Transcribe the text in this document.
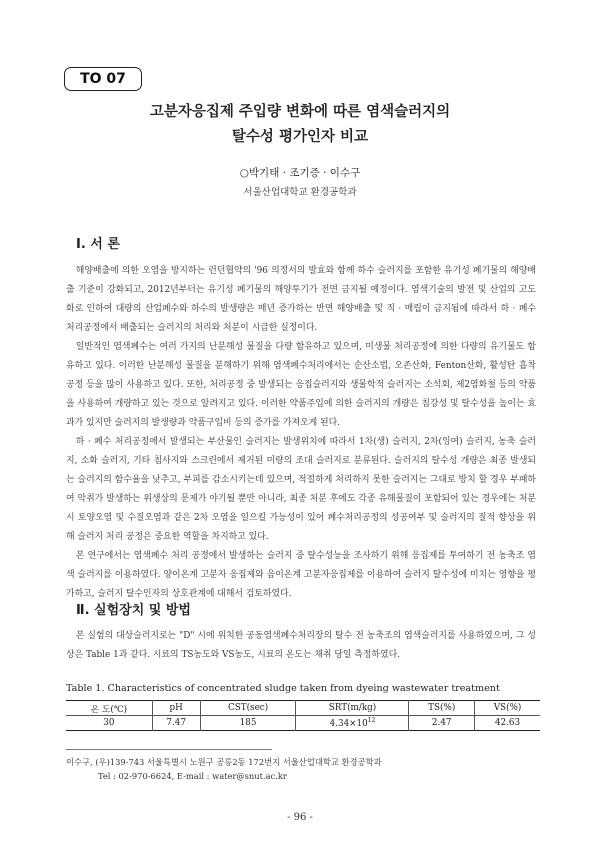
TO 07
고분자응집제 주입량 변화에 따른 염색슬러지의
탈수성 평가인자 비교
○박기태 · 조기증 · 이수구
서울산업대학교 환경공학과
Ⅰ. 서 론

해양배출에 의한 오염을 방지하는 런던협약의 '96 의정서의 발효와 함께 하수 슬러지를 포함한 유기성 폐기물의 해양배출 기준이 강화되고, 2012년부터는 유기성 폐기물의 해양투기가 전면 금지될 예정이다. 염색기술의 발전 및 산업의 고도화로 인하여 대량의 산업폐수와 하수의 발생량은 매년 증가하는 반면 해양배출 및 직 · 매립이 금지됨에 따라서 하 · 폐수 처리공정에서 배출되는 슬러지의 처리와 처분이 시급한 실정이다.

일반적인 염색폐수는 여러 가지의 난분해성 물질을 다량 함유하고 있으며, 미생물 처리공정에 의한 다량의 유기물도 함유하고 있다. 이러한 난분해성 물질을 분해하기 위해 염색폐수처리에서는 순산소법, 오존산화, Fenton산화, 활성탄 흡착 공정 등을 많이 사용하고 있다. 또한, 처리공정 중 발생되는 응집슬러지와 생물학적 슬러지는 소석회, 제2염화철 등의 약품을 사용하여 개량하고 있는 것으로 알려지고 있다. 이러한 약품주입에 의한 슬러지의 개량은 침강성 및 탈수성을 높이는 효과가 있지만 슬러지의 발생량과 약품구입비 등의 증가를 가져오게 된다.

하 · 폐수 처리공정에서 발생되는 부산물인 슬러지는 발생위치에 따라서 1차(생) 슬러지, 2차(잉여) 슬러지, 농축 슬러지, 소화 슬러지, 기타 침사지와 스크린에서 제거된 미량의 조대 슬러지로 분류된다. 슬러지의 탈수성 개량은 최종 발생되는 슬러지의 함수율을 낮추고, 부피를 감소시키는데 있으며, 적절하게 처리하지 못한 슬러지는 그대로 방치 할 경우 부패하여 악취가 발생하는 위생상의 문제가 야기될 뿐만 아니라, 최종 처분 후에도 각종 유해물질이 포함되어 있는 경우에는 처분 시 토양오염 및 수질오염과 같은 2차 오염을 일으킬 가능성이 있어 폐수처리공정의 성공여부 및 슬러지의 질적 향상을 위해 슬러지 처리 공정은 중요한 역할을 차지하고 있다.

본 연구에서는 염색폐수 처리 공정에서 발생하는 슬러지 중 탈수성능을 조사하기 위해 응집제를 투여하기 전 농축조 염색 슬러지를 이용하였다. 양이온계 고분자 응집제와 음이온계 고분자응집제를 이용하여 슬러지 탈수성에 미치는 영향을 평가하고, 슬러지 탈수인자의 상호관계에 대해서 검토하였다.

Ⅱ. 실험장치 및 방법

본 실험의 대상슬러지로는 "D" 시에 위치한 공동염색폐수처리장의 탈수 전 농축조의 염색슬러지를 사용하였으며, 그 성상은 Table 1과 같다. 시료의 TS농도와 VS농도, 시료의 온도는 채취 당일 측정하였다.

Table 1. Characteristics of concentrated sludge taken from dyeing wastewater treatment
온 도(℃)	pH	CST(sec)	SRT(m/kg)	TS(%)	VS(%)
30	7.47	185	$4.34\times 10^{12}$	2.47	42.63
이수구, (우)139-743 서울특별시 노원구 공릉2동 172번지 서울산업대학교 환경공학과
Tel : 02-970-6624, E-mail : water@snut.ac.kr
- 96 -
